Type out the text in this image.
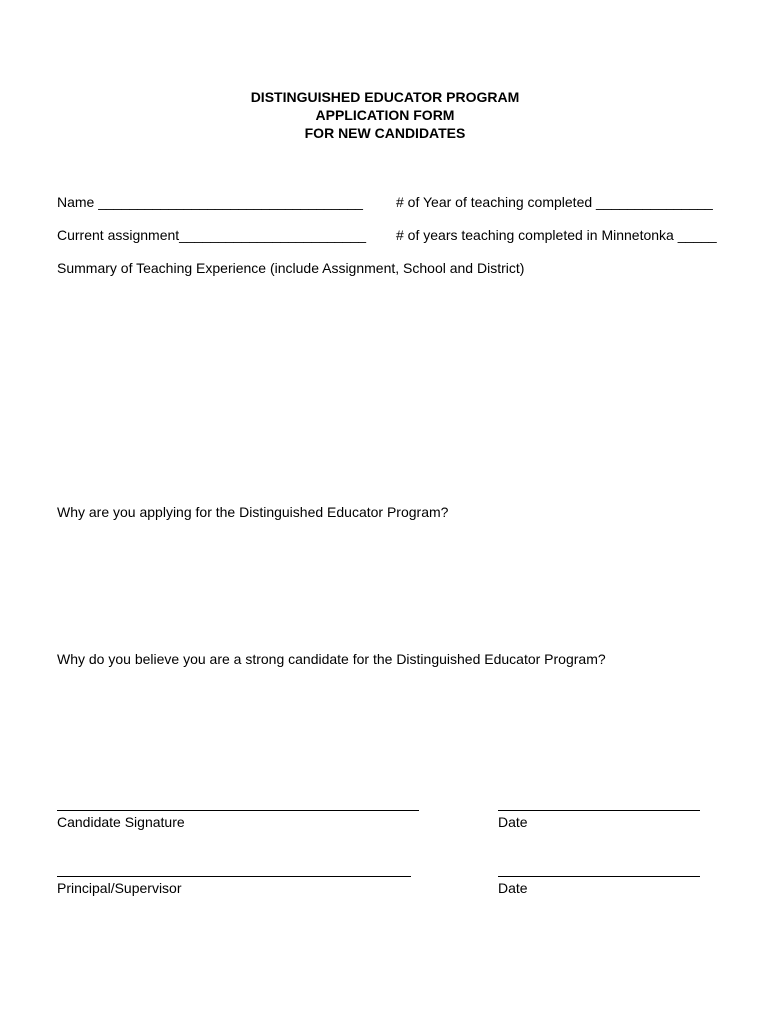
DISTINGUISHED EDUCATOR PROGRAM
APPLICATION FORM
FOR NEW CANDIDATES
Name __________________________________ # of Year of teaching completed _______________
Current assignment________________________ # of years teaching completed in Minnetonka _____
Summary of Teaching Experience (include Assignment, School and District)
Why are you applying for the Distinguished Educator Program?
Why do you believe you are a strong candidate for the Distinguished Educator Program?
Candidate Signature	Date
Principal/Supervisor	Date
